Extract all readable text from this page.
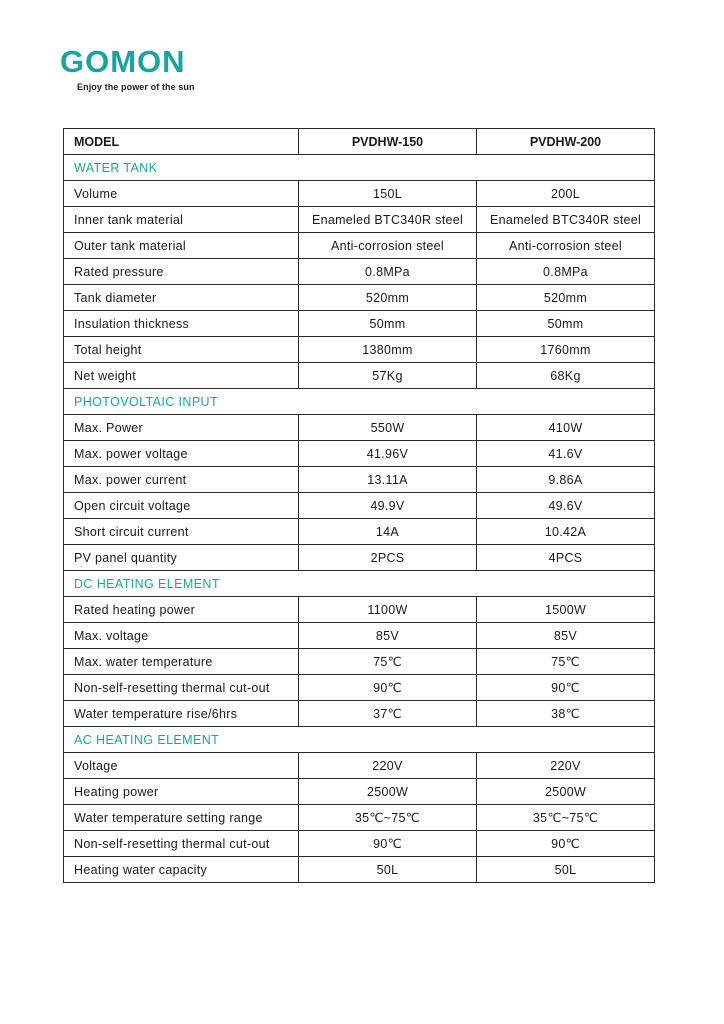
GOMON
Enjoy the power of the sun
MODEL	PVDHW-150	PVDHW-200
WATER TANK		
Volume	150L	200L
Inner tank material	Enameled BTC340R steel	Enameled BTC340R steel
Outer tank material	Anti-corrosion steel	Anti-corrosion steel
Rated pressure	0.8MPa	0.8MPa
Tank diameter	520mm	520mm
Insulation thickness	50mm	50mm
Total height	1380mm	1760mm
Net weight	57Kg	68Kg
PHOTOVOLTAIC INPUT		
Max. Power	550W	410W
Max. power voltage	41.96V	41.6V
Max. power current	13.11A	9.86A
Open circuit voltage	49.9V	49.6V
Short circuit current	14A	10.42A
PV panel quantity	2PCS	4PCS
DC HEATING ELEMENT		
Rated heating power	1100W	1500W
Max. voltage	85V	85V
Max. water temperature	75℃	75℃
Non-self-resetting thermal cut-out	90℃	90℃
Water temperature rise/6hrs	37℃	38℃
AC HEATING ELEMENT		
Voltage	220V	220V
Heating power	2500W	2500W
Water temperature setting range	35℃~75℃	35℃~75℃
Non-self-resetting thermal cut-out	90℃	90℃
Heating water capacity	50L	50L
